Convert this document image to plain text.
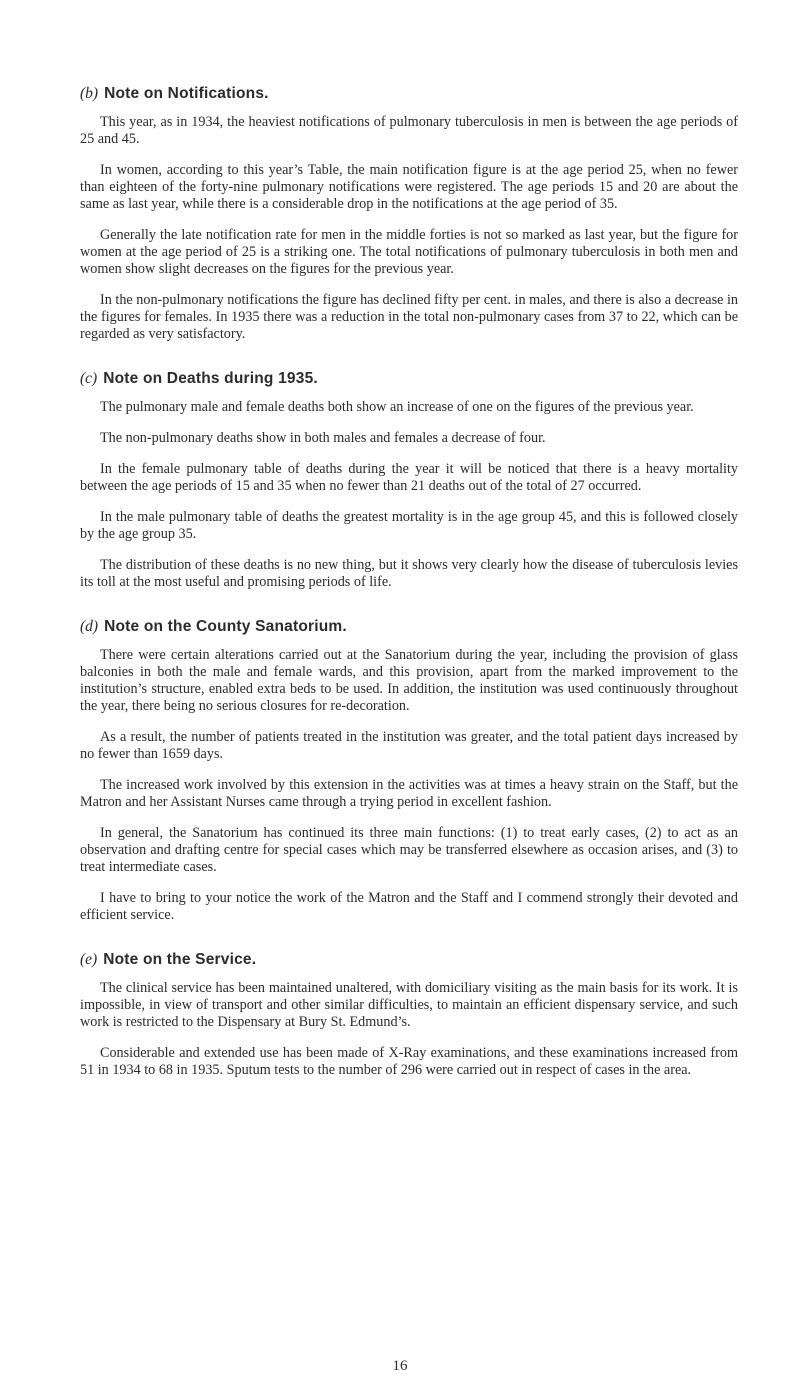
(b) Note on Notifications.

This year, as in 1934, the heaviest notifications of pulmonary tuberculosis in men is between the age periods of 25 and 45.

In women, according to this year’s Table, the main notification figure is at the age period 25, when no fewer than eighteen of the forty-nine pulmonary notifications were registered. The age periods 15 and 20 are about the same as last year, while there is a considerable drop in the notifications at the age period of 35.

Generally the late notification rate for men in the middle forties is not so marked as last year, but the figure for women at the age period of 25 is a striking one. The total notifications of pulmonary tuberculosis in both men and women show slight decreases on the figures for the previous year.

In the non-pulmonary notifications the figure has declined fifty per cent. in males, and there is also a decrease in the figures for females. In 1935 there was a reduction in the total non-pulmonary cases from 37 to 22, which can be regarded as very satisfactory.

(c) Note on Deaths during 1935.

The pulmonary male and female deaths both show an increase of one on the figures of the previous year.

The non-pulmonary deaths show in both males and females a decrease of four.

In the female pulmonary table of deaths during the year it will be noticed that there is a heavy mortality between the age periods of 15 and 35 when no fewer than 21 deaths out of the total of 27 occurred.

In the male pulmonary table of deaths the greatest mortality is in the age group 45, and this is followed closely by the age group 35.

The distribution of these deaths is no new thing, but it shows very clearly how the disease of tuberculosis levies its toll at the most useful and promising periods of life.

(d) Note on the County Sanatorium.

There were certain alterations carried out at the Sanatorium during the year, including the provision of glass balconies in both the male and female wards, and this provision, apart from the marked improvement to the institution’s structure, enabled extra beds to be used. In addition, the institution was used continuously throughout the year, there being no serious closures for re-decoration.

As a result, the number of patients treated in the institution was greater, and the total patient days increased by no fewer than 1659 days.

The increased work involved by this extension in the activities was at times a heavy strain on the Staff, but the Matron and her Assistant Nurses came through a trying period in excellent fashion.

In general, the Sanatorium has continued its three main functions: (1) to treat early cases, (2) to act as an observation and drafting centre for special cases which may be transferred elsewhere as occasion arises, and (3) to treat intermediate cases.

I have to bring to your notice the work of the Matron and the Staff and I commend strongly their devoted and efficient service.

(e) Note on the Service.

The clinical service has been maintained unaltered, with domiciliary visiting as the main basis for its work. It is impossible, in view of transport and other similar difficulties, to maintain an efficient dispensary service, and such work is restricted to the Dispensary at Bury St. Edmund’s.

Considerable and extended use has been made of X-Ray examinations, and these examinations increased from 51 in 1934 to 68 in 1935. Sputum tests to the number of 296 were carried out in respect of cases in the area.

16
